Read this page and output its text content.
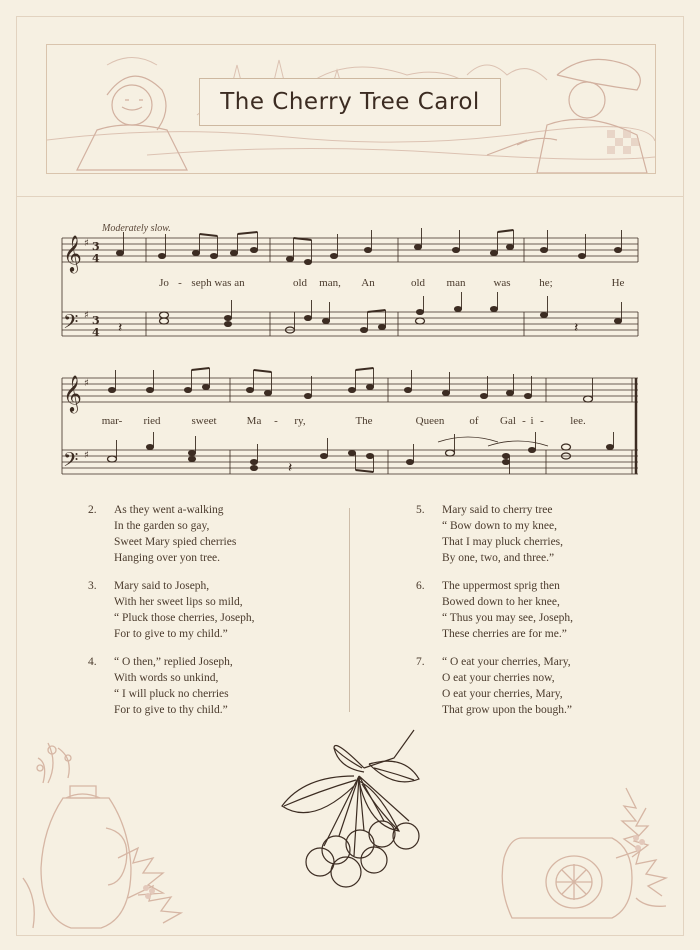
The Cherry Tree Carol
Moderately slow.
𝄞
𝄢
𝄞
𝄢
♯
♯
♯
♯
3
4
3
4 𝄽	𝄽
𝄽
Jo - seph was an	old man, An	old man	was	he;	He
mar- ried	sweet	Ma - ry,	The	Queen of Gal - i - lee.
2. As they went a-walking
In the garden so gay,
Sweet Mary spied cherries
Hanging over yon tree.
3. Mary said to Joseph,
With her sweet lips so mild,
“ Pluck those cherries, Joseph,
For to give to my child.”
4. “ O then,” replied Joseph,
With words so unkind,
“ I will pluck no cherries
For to give to thy child.”
5. Mary said to cherry tree
“ Bow down to my knee,
That I may pluck cherries,
By one, two, and three.”
6. The uppermost sprig then
Bowed down to her knee,
“ Thus you may see, Joseph,
These cherries are for me.”
7. “ O eat your cherries, Mary,
O eat your cherries now,
O eat your cherries, Mary,
That grow upon the bough.”
